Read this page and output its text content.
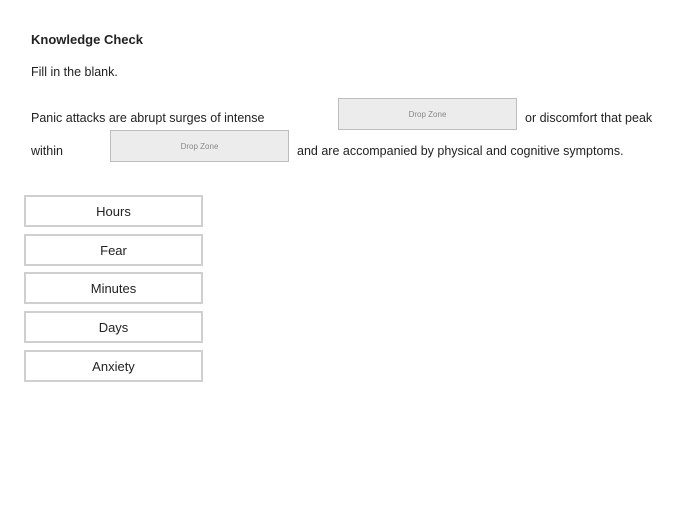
Knowledge Check
Fill in the blank.
Panic attacks are abrupt surges of intense	Drop Zone	or discomfort that peak
within	Drop Zone	and are accompanied by physical and cognitive symptoms.
Hours
Fear
Minutes
Days
Anxiety
